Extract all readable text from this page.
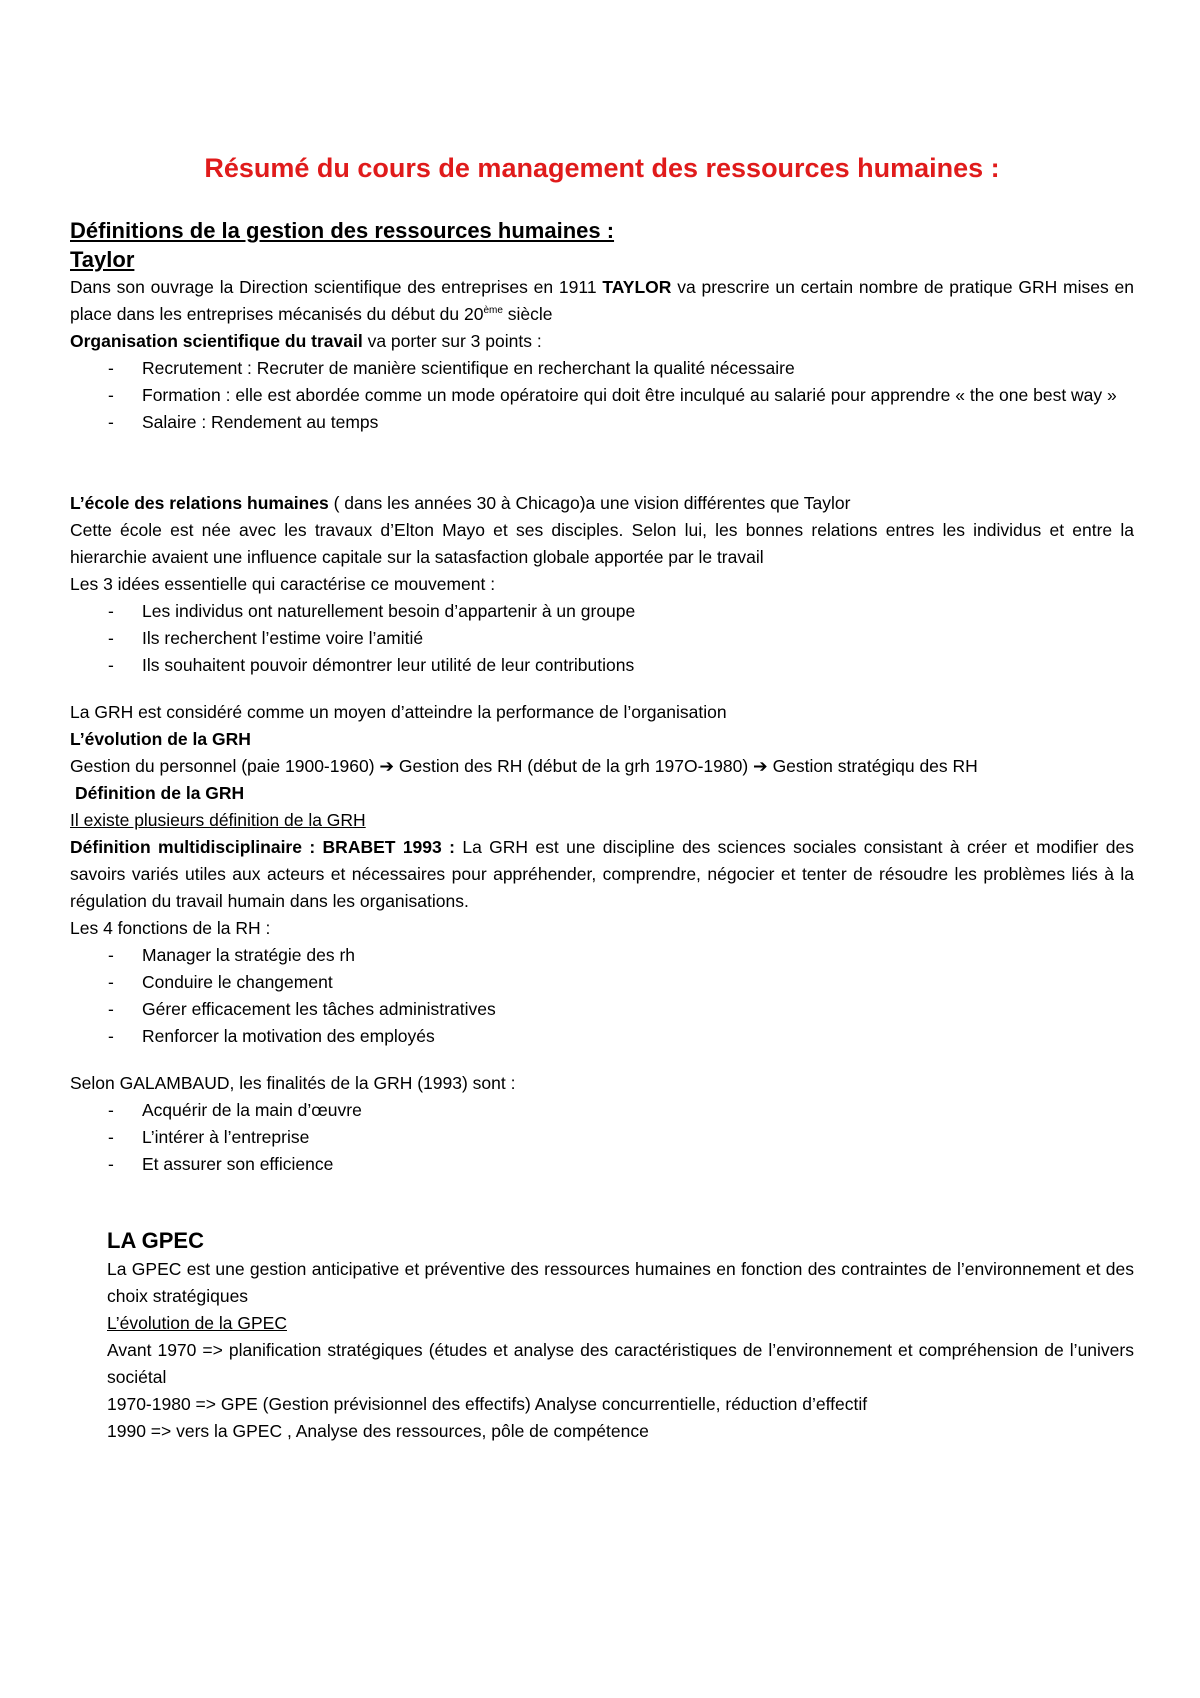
Résumé du cours de management des ressources humaines :
Définitions de la gestion des ressources humaines :
Taylor

Dans son ouvrage la Direction scientifique des entreprises en 1911 TAYLOR va prescrire un certain nombre de pratique GRH mises en place dans les entreprises mécanisés du début du 20ème siècle

Organisation scientifique du travail va porter sur 3 points :

- Recrutement : Recruter de manière scientifique en recherchant la qualité nécessaire
- Formation : elle est abordée comme un mode opératoire qui doit être inculqué au salarié pour apprendre « the one best way »
- Salaire : Rendement au temps

L’école des relations humaines ( dans les années 30 à Chicago)a une vision différentes que Taylor

Cette école est née avec les travaux d’Elton Mayo et ses disciples. Selon lui, les bonnes relations entres les individus et entre la hierarchie avaient une influence capitale sur la satasfaction globale apportée par le travail

Les 3 idées essentielle qui caractérise ce mouvement :

- Les individus ont naturellement besoin d’appartenir à un groupe
- Ils recherchent l’estime voire l’amitié
- Ils souhaitent pouvoir démontrer leur utilité de leur contributions

La GRH est considéré comme un moyen d’atteindre la performance de l’organisation

L’évolution de la GRH

Gestion du personnel (paie 1900-1960) ➔ Gestion des RH (début de la grh 197O-1980) ➔ Gestion stratégiqu des RH

Définition de la GRH

Il existe plusieurs définition de la GRH

Définition multidisciplinaire : BRABET 1993 : La GRH est une discipline des sciences sociales consistant à créer et modifier des savoirs variés utiles aux acteurs et nécessaires pour appréhender, comprendre, négocier et tenter de résoudre les problèmes liés à la régulation du travail humain dans les organisations.

Les 4 fonctions de la RH :

- Manager la stratégie des rh
- Conduire le changement
- Gérer efficacement les tâches administratives
- Renforcer la motivation des employés

Selon GALAMBAUD, les finalités de la GRH (1993) sont :

- Acquérir de la main d’œuvre
- L’intérer à l’entreprise
- Et assurer son efficience
LA GPEC

La GPEC est une gestion anticipative et préventive des ressources humaines en fonction des contraintes de l’environnement et des choix stratégiques

L’évolution de la GPEC

Avant 1970 => planification stratégiques (études et analyse des caractéristiques de l’environnement et compréhension de l’univers sociétal

1970-1980 => GPE (Gestion prévisionnel des effectifs) Analyse concurrentielle, réduction d’effectif

1990 => vers la GPEC , Analyse des ressources, pôle de compétence
